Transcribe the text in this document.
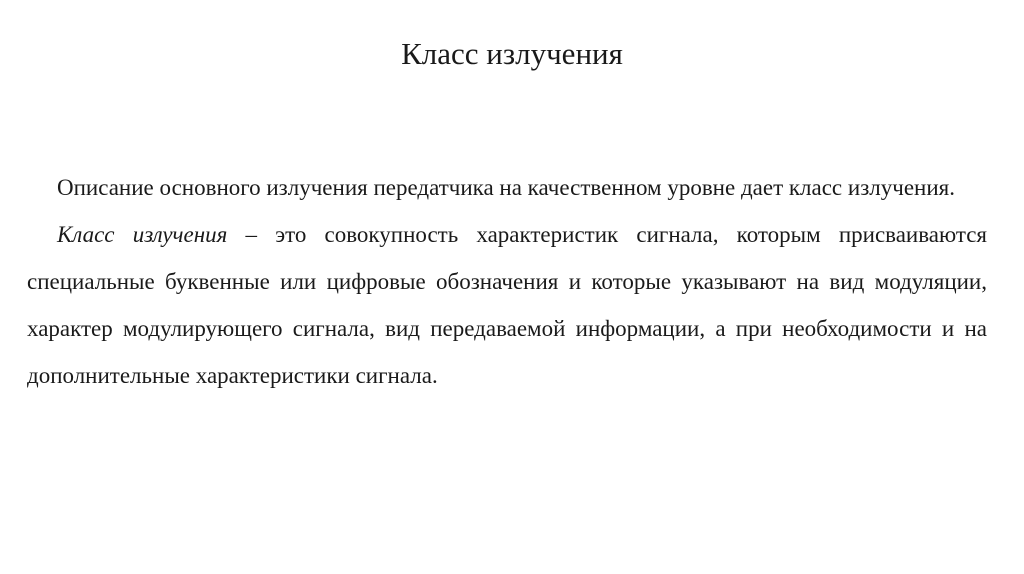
Класс излучения

Описание основного излучения передатчика на качественном уровне дает класс излучения.

Класс излучения – это совокупность характеристик сигнала, которым присваиваются специальные буквенные или цифровые обозначения и которые указывают на вид модуляции, характер модулирующего сигнала, вид передаваемой информации, а при необходимости и на дополнительные характеристики сигнала.
